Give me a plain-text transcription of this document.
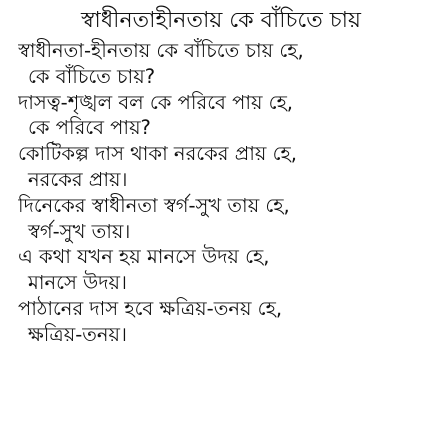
স্বাধীনতাহীনতায় কে বাঁচিতে চায়
স্বাধীনতা-হীনতায় কে বাঁচিতে চায় হে,
কে বাঁচিতে চায়?
দাসত্ব-শৃঙ্খল বল কে পরিবে পায় হে,
কে পরিবে পায়?
কোটিকল্প দাস থাকা নরকের প্রায় হে,
নরকের প্রায়।
দিনেকের স্বাধীনতা স্বর্গ-সুখ তায় হে,
স্বর্গ-সুখ তায়।
এ কথা যখন হয় মানসে উদয় হে,
মানসে উদয়।
পাঠানের দাস হবে ক্ষত্রিয়-তনয় হে,
ক্ষত্রিয়-তনয়।
